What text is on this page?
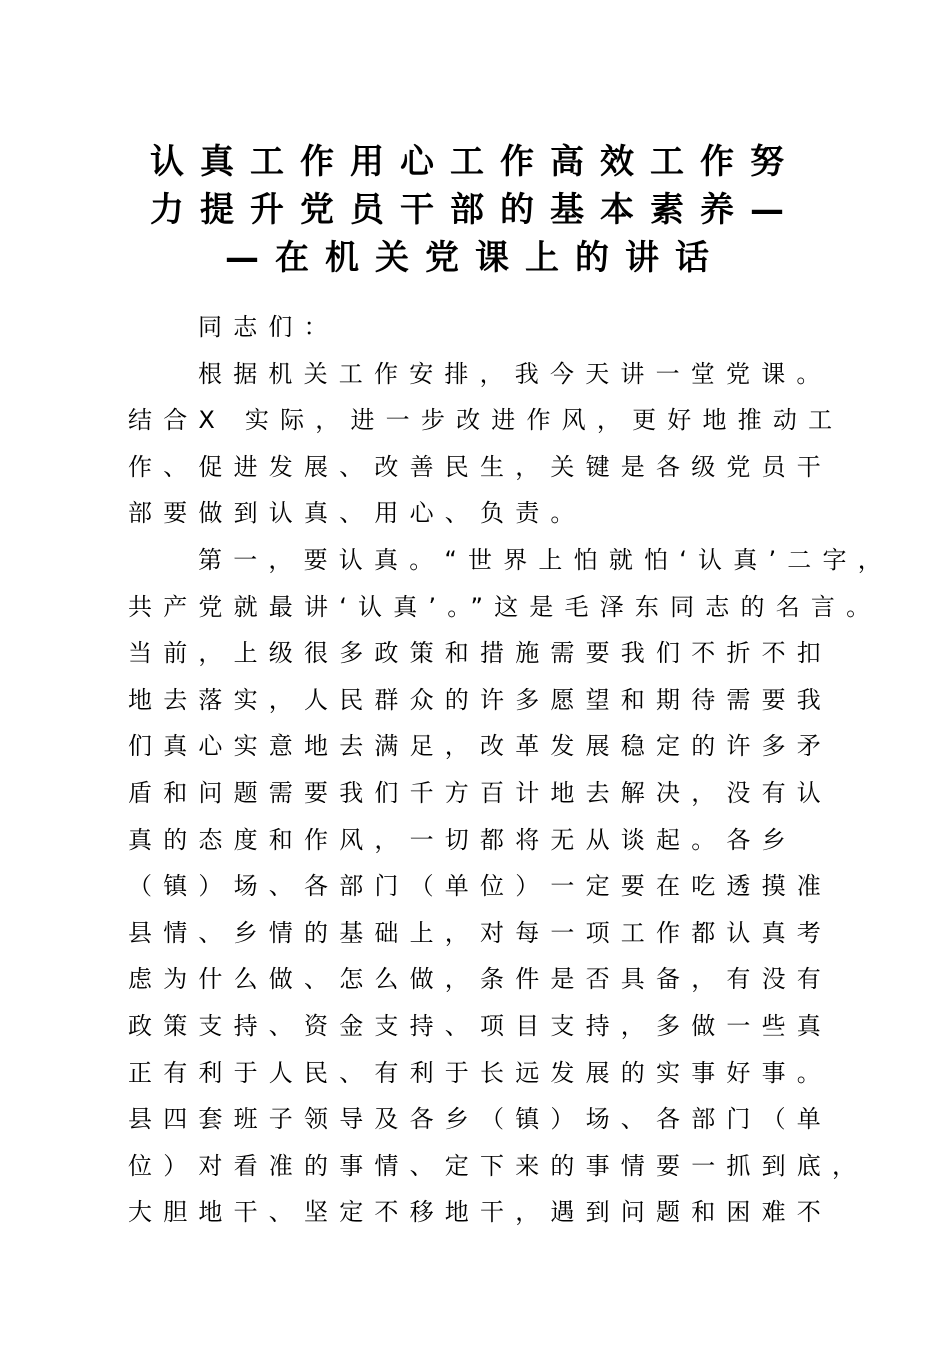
认真工作用心工作高效工作努
力提升党员干部的基本素养—
—在机关党课上的讲话
同志们：
根据机关工作安排，我今天讲一堂党课。
结合X 实际，进一步改进作风，更好地推动工
作、促进发展、改善民生，关键是各级党员干
部要做到认真、用心、负责。
第一，要认真。“世界上怕就怕‘认真’二字，
共产党就最讲‘认真’。”这是毛泽东同志的名言。
当前，上级很多政策和措施需要我们不折不扣
地去落实，人民群众的许多愿望和期待需要我
们真心实意地去满足，改革发展稳定的许多矛
盾和问题需要我们千方百计地去解决，没有认
真的态度和作风，一切都将无从谈起。各乡
（镇）场、各部门（单位）一定要在吃透摸准
县情、乡情的基础上，对每一项工作都认真考
虑为什么做、怎么做，条件是否具备，有没有
政策支持、资金支持、项目支持，多做一些真
正有利于人民、有利于长远发展的实事好事。
县四套班子领导及各乡（镇）场、各部门（单
位）对看准的事情、定下来的事情要一抓到底，
大胆地干、坚定不移地干，遇到问题和困难不
